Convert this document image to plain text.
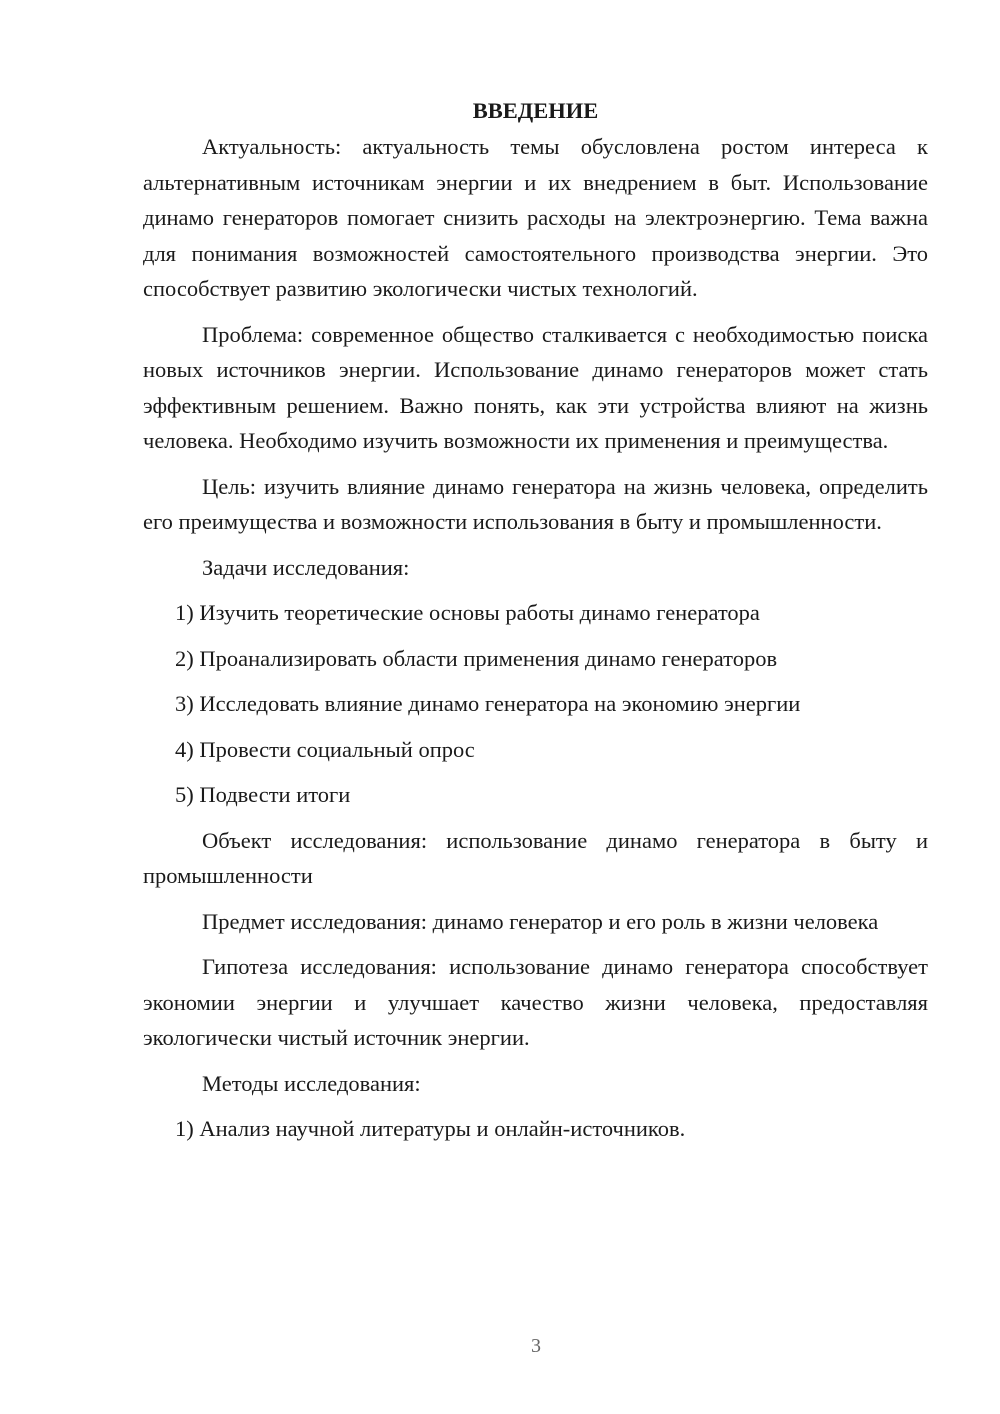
ВВЕДЕНИЕ

Актуальность: актуальность темы обусловлена ростом интереса к альтернативным источникам энергии и их внедрением в быт. Использование динамо генераторов помогает снизить расходы на электроэнергию. Тема важна для понимания возможностей самостоятельного производства энергии. Это способствует развитию экологически чистых технологий.

Проблема: современное общество сталкивается с необходимостью поиска новых источников энергии. Использование динамо генераторов может стать эффективным решением. Важно понять, как эти устройства влияют на жизнь человека. Необходимо изучить возможности их применения и преимущества.

Цель: изучить влияние динамо генератора на жизнь человека, определить его преимущества и возможности использования в быту и промышленности.

Задачи исследования:

1) Изучить теоретические основы работы динамо генератора
2) Проанализировать области применения динамо генераторов
3) Исследовать влияние динамо генератора на экономию энергии
4) Провести социальный опрос
5) Подвести итоги

Объект исследования: использование динамо генератора в быту и промышленности

Предмет исследования: динамо генератор и его роль в жизни человека

Гипотеза исследования: использование динамо генератора способствует экономии энергии и улучшает качество жизни человека, предоставляя экологически чистый источник энергии.

Методы исследования:

1) Анализ научной литературы и онлайн-источников.
3
